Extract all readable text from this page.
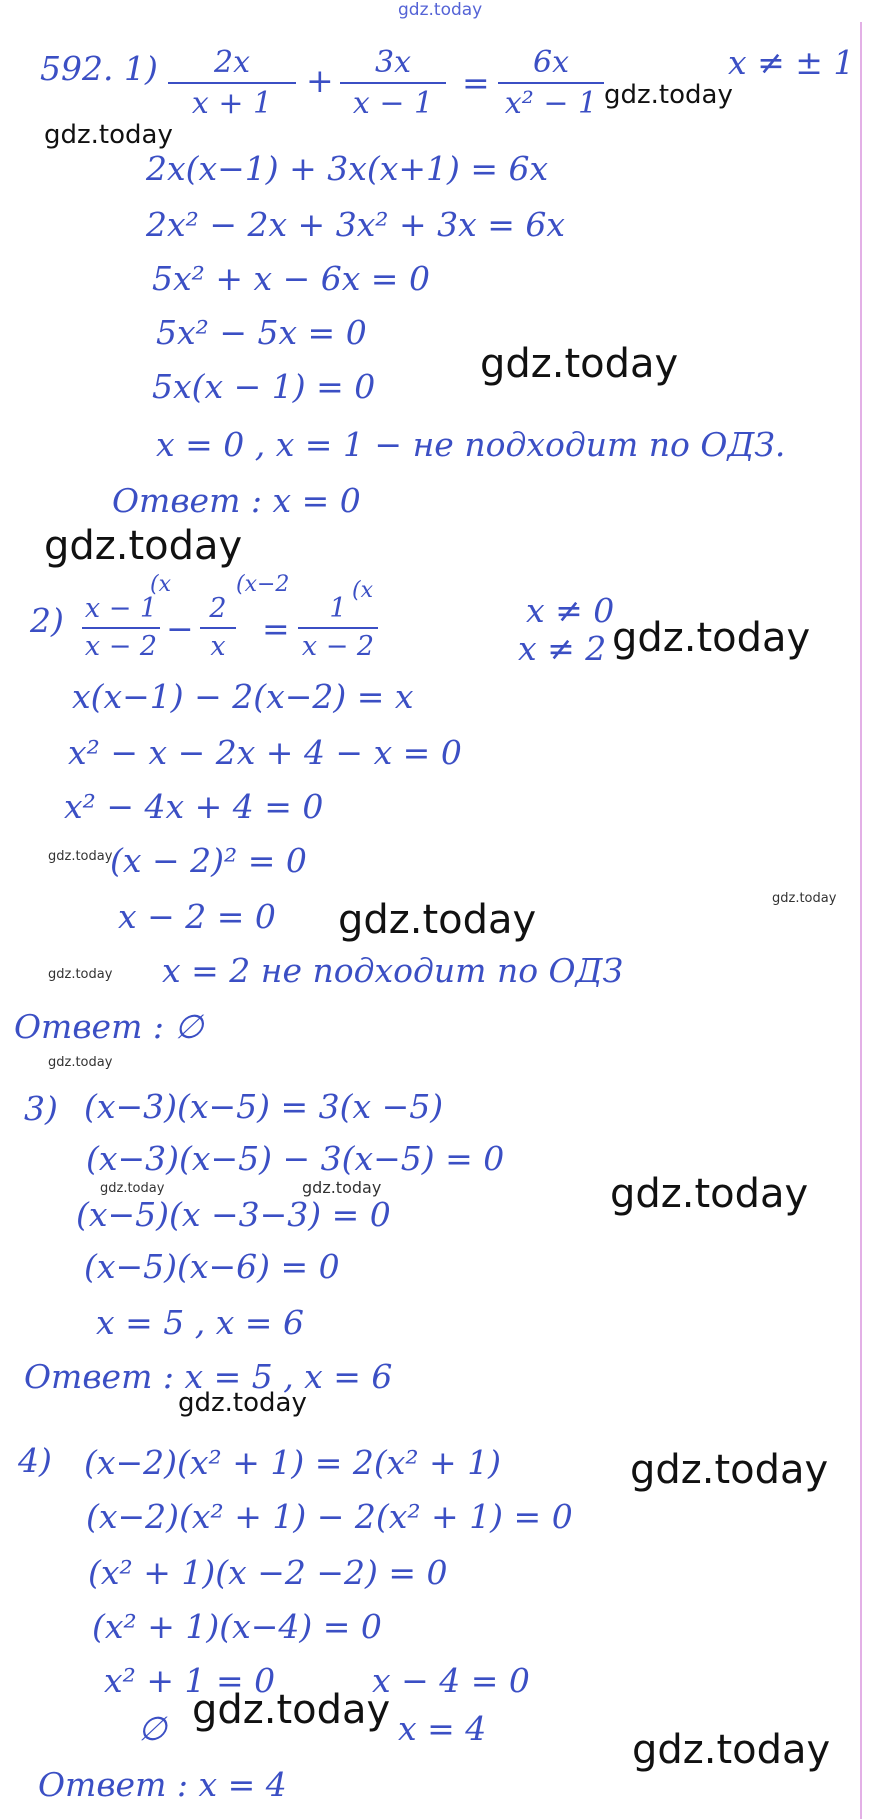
gdz.today
gdz.today
gdz.today
gdz.today
gdz.today
gdz.today
gdz.today
gdz.today
gdz.today
gdz.today
gdz.today
gdz.today	gdz.today	gdz.today
gdz.today
gdz.today
gdz.today
gdz.today
592. 1)	2x
x + 1
+	3x
x − 1
=
6x
x² − 1
x ≠ ± 1
2x(x−1) + 3x(x+1) = 6x
2x² − 2x + 3x² + 3x = 6x
5x² + x − 6x = 0
5x² − 5x = 0
5x(x − 1) = 0
x = 0 , x = 1 − не подходит по ОДЗ.
Ответ : x = 0
2)
(x
x − 1
x − 2 −
(x−2
2
x	=
(x
1
x − 2
x ≠ 0
x ≠ 2
x(x−1) − 2(x−2) = x
x² − x − 2x + 4 − x = 0
x² − 4x + 4 = 0
(x − 2)² = 0
x − 2 = 0
x = 2 не подходит по ОДЗ
Ответ : ∅
3) (x−3)(x−5) = 3(x −5)
(x−3)(x−5) − 3(x−5) = 0
(x−5)(x −3−3) = 0
(x−5)(x−6) = 0
x = 5 , x = 6
Ответ : x = 5 , x = 6
4) (x−2)(x² + 1) = 2(x² + 1)
(x−2)(x² + 1) − 2(x² + 1) = 0
(x² + 1)(x −2 −2) = 0
(x² + 1)(x−4) = 0
x² + 1 = 0	x − 4 = 0
∅	x = 4
Ответ : x = 4
